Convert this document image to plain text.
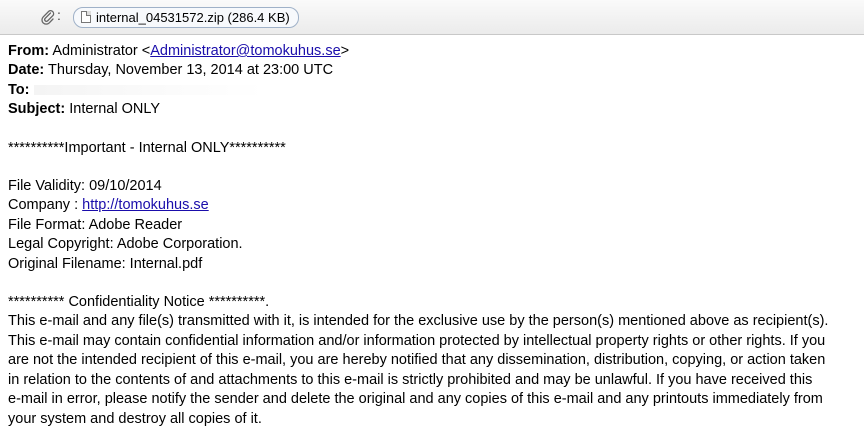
:	internal_04531572.zip (286.4 KB)

From: Administrator <Administrator@tomokuhus.se>

Date: Thursday, November 13, 2014 at 23:00 UTC

To:

Subject: Internal ONLY

**********Important - Internal ONLY**********

File Validity: 09/10/2014

Company : http://tomokuhus.se

File Format: Adobe Reader

Legal Copyright: Adobe Corporation.

Original Filename: Internal.pdf

********** Confidentiality Notice **********.

This e-mail and any file(s) transmitted with it, is intended for the exclusive use by the person(s) mentioned above as recipient(s).

This e-mail may contain confidential information and/or information protected by intellectual property rights or other rights. If you

are not the intended recipient of this e-mail, you are hereby notified that any dissemination, distribution, copying, or action taken

in relation to the contents of and attachments to this e-mail is strictly prohibited and may be unlawful. If you have received this

e-mail in error, please notify the sender and delete the original and any copies of this e-mail and any printouts immediately from

your system and destroy all copies of it.
